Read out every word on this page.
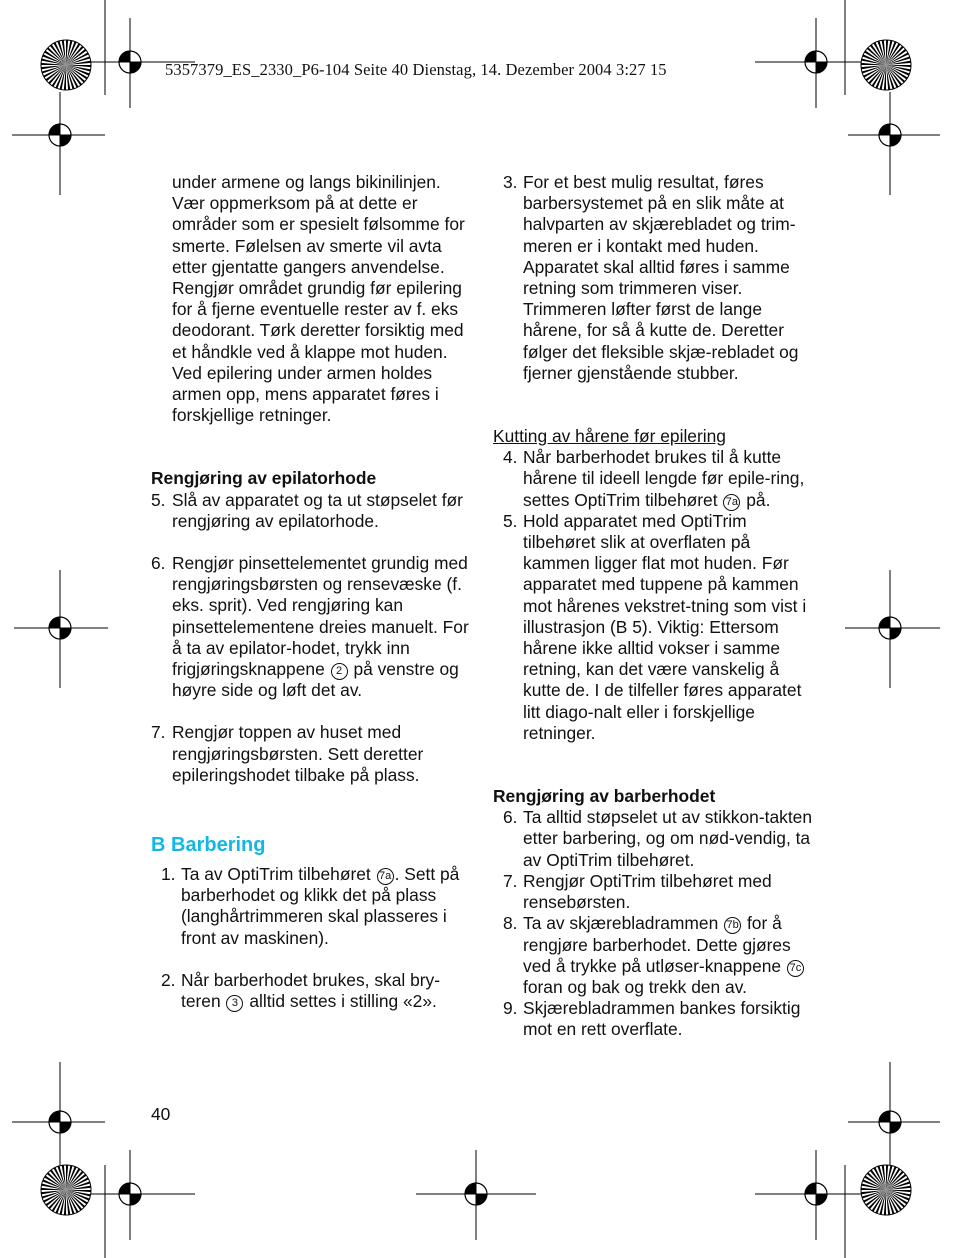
5357379_ES_2330_P6-104 Seite 40 Dienstag, 14. Dezember 2004 3:27 15

under armene og langs bikinilinjen. Vær oppmerksom på at dette er områder som er spesielt følsomme for smerte. Følelsen av smerte vil avta etter gjentatte gangers anvendelse.

Rengjør området grundig før epilering for å fjerne eventuelle rester av f. eks deodorant. Tørk deretter forsiktig med et håndkle ved å klappe mot huden.

Ved epilering under armen holdes armen opp, mens apparatet føres i forskjellige retninger.

Rengjøring av epilatorhode

5. Slå av apparatet og ta ut støpselet før rengjøring av epilatorhode.
6. Rengjør pinsettelementet grundig med rengjøringsbørsten og rensevæske (f. eks. sprit). Ved rengjøring kan pinsettelementene dreies manuelt. For å ta av epilator-hodet, trykk inn frigjøringsknappene 2 på venstre og høyre side og løft det av.
7. Rengjør toppen av huset med rengjøringsbørsten. Sett deretter epileringshodet tilbake på plass.

B Barbering

1. Ta av OptiTrim tilbehøret 7a . Sett på barberhodet og klikk det på plass (langhårtrimmeren skal plasseres i front av maskinen).
2. Når barberhodet brukes, skal bry-teren 3 alltid settes i stilling «2».
3. For et best mulig resultat, føres barbersystemet på en slik måte at halvparten av skjærebladet og trim-meren er i kontakt med huden. Apparatet skal alltid føres i samme retning som trimmeren viser. Trimmeren løfter først de lange hårene, for så å kutte de. Deretter følger det fleksible skjæ-rebladet og fjerner gjenstående stubber.

Kutting av hårene før epilering

4. Når barberhodet brukes til å kutte hårene til ideell lengde før epile-ring, settes OptiTrim tilbehøret 7a på.
5. Hold apparatet med OptiTrim tilbehøret slik at overflaten på kammen ligger flat mot huden. Før apparatet med tuppene på kammen mot hårenes vekstret-tning som vist i illustrasjon (B 5). Viktig: Ettersom hårene ikke alltid vokser i samme retning, kan det være vanskelig å kutte de. I de tilfeller føres apparatet litt diago-nalt eller i forskjellige retninger.

Rengjøring av barberhodet

6. Ta alltid støpselet ut av stikkon-takten etter barbering, og om nød-vendig, ta av OptiTrim tilbehøret.
7. Rengjør OptiTrim tilbehøret med rensebørsten.
8. Ta av skjærebladrammen 7b for å rengjøre barberhodet. Dette gjøres ved å trykke på utløser-knappene 7c foran og bak og trekk den av.
9. Skjærebladrammen bankes forsiktig mot en rett overflate.
40
